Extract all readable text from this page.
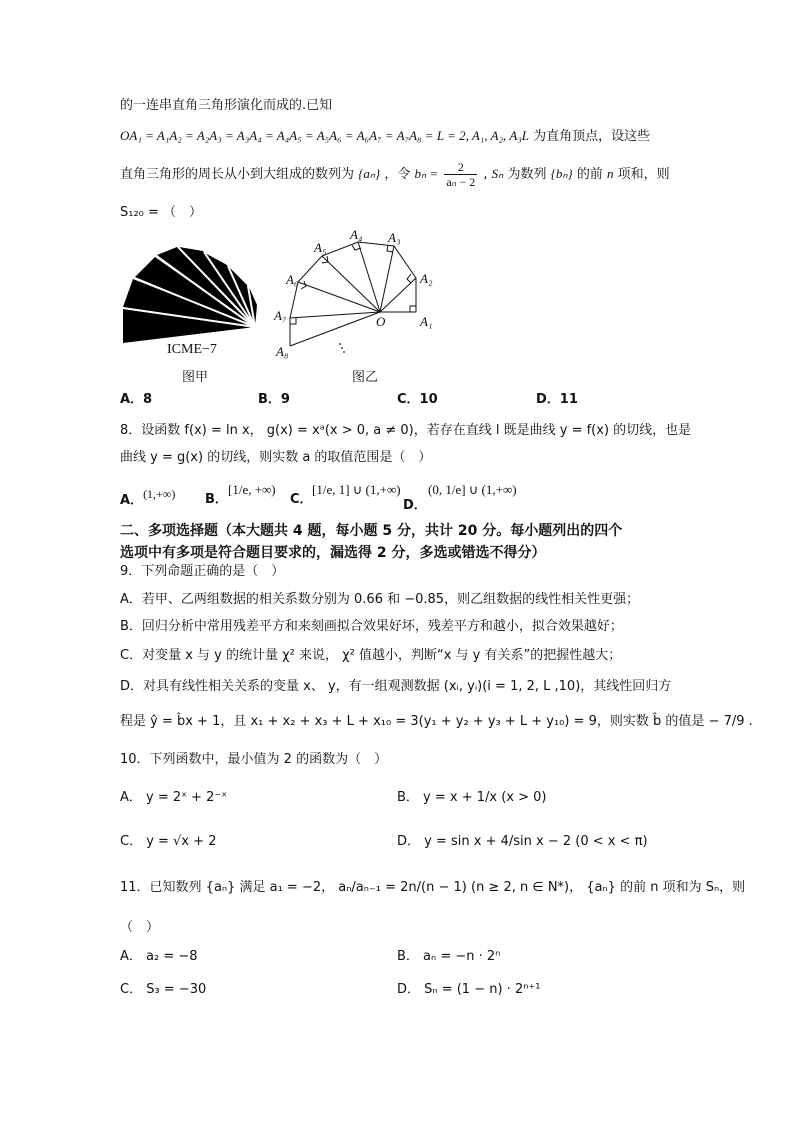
的一连串直角三角形演化而成的.已知
OA₁ = A₁A₂ = A₂A₃ = A₃A₄ = A₄A₅ = A₅A₆ = A₆A₇ = A₇A₈ = L = 2, A₁, A₂, A₃L 为直角顶点，设这些
直角三角形的周长从小到大组成的数列为 {aₙ} ，令 $b_n = \frac{2}{\text{aₙ − 2}}$ , Sₙ 为数列 {bₙ} 的前 n 项和，则
S₁₂₀ = （　）
ICME−7
图甲
A₁
A₂
A₃
A₄
A₅
A₆
A₇
A₈
O
图乙
A．8	B．9	C．10	D．11
8．设函数 f(x) = ln x， g(x) = xᵃ(x > 0, a ≠ 0)，若存在直线 l 既是曲线 y = f(x) 的切线，也是
曲线 y = g(x) 的切线，则实数 a 的取值范围是（　）
A．(1,+∞) B．
[1/e, +∞)
C．
[1/e, 1] ∪ (1,+∞)
D．
(0, 1/e] ∪ (1,+∞)
二、多项选择题（本大题共 4 题，每小题 5 分，共计 20 分。每小题列出的四个
选项中有多项是符合题目要求的，漏选得 2 分，多选或错选不得分）
9．下列命题正确的是（　）
A．若甲、乙两组数据的相关系数分别为 0.66 和 −0.85，则乙组数据的线性相关性更强；
B．回归分析中常用残差平方和来刻画拟合效果好坏，残差平方和越小，拟合效果越好；
C．对变量 x 与 y 的统计量 χ² 来说， χ² 值越小，判断“x 与 y 有关系”的把握性越大；
D．对具有线性相关关系的变量 x、 y，有一组观测数据 (xᵢ, yᵢ)(i = 1, 2, L ,10)，其线性回归方
程是 ŷ = b̂x + 1，且 x₁ + x₂ + x₃ + L + x₁₀ = 3(y₁ + y₂ + y₃ + L + y₁₀) = 9，则实数 b̂ 的值是 − 7/9 .
10．下列函数中，最小值为 2 的函数为（　）
A． y = 2ˣ + 2⁻ˣ	B． y = x + 1/x (x > 0)
C． y = √x + 2	D． y = sin x + 4/sin x − 2 (0 < x < π)
11．已知数列 {aₙ} 满足 a₁ = −2， aₙ/aₙ₋₁ = 2n/(n − 1) (n ≥ 2, n ∈ N*)， {aₙ} 的前 n 项和为 Sₙ，则
（　）
A． a₂ = −8	B． aₙ = −n · 2ⁿ
C． S₃ = −30	D． Sₙ = (1 − n) · 2ⁿ⁺¹
